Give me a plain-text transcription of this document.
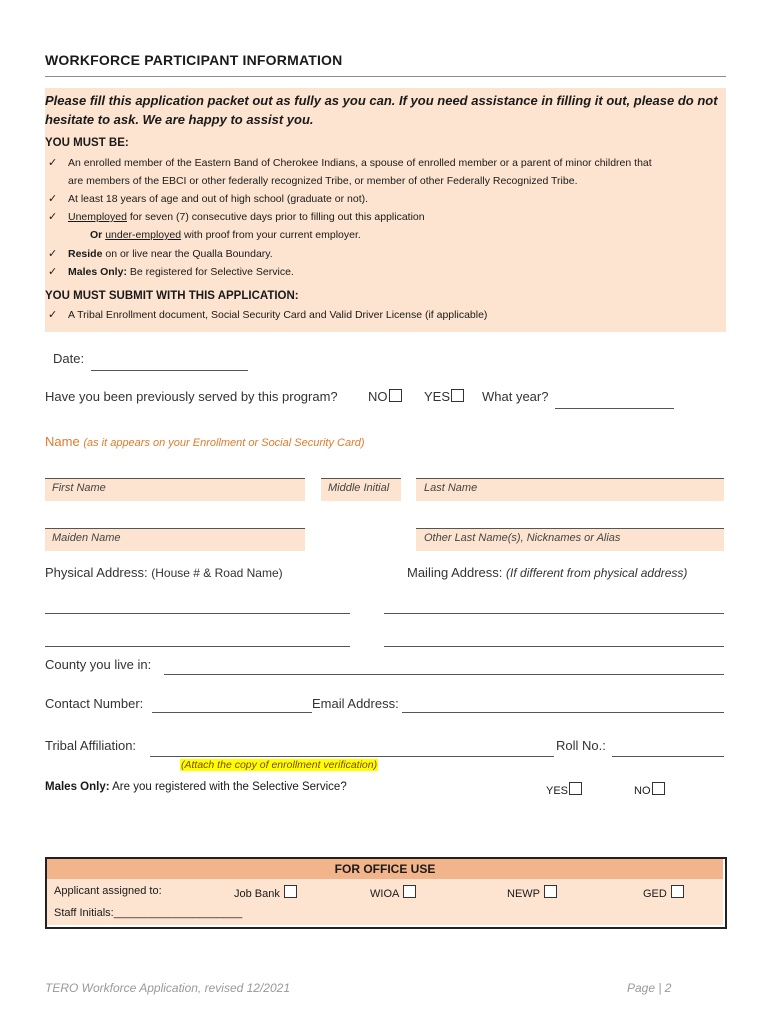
WORKFORCE PARTICIPANT INFORMATION
Please fill this application packet out as fully as you can. If you need assistance in filling it out, please do not hesitate to ask. We are happy to assist you.
YOU MUST BE:
✓ An enrolled member of the Eastern Band of Cherokee Indians, a spouse of enrolled member or a parent of minor children that
are members of the EBCI or other federally recognized Tribe, or member of other Federally Recognized Tribe.
✓ At least 18 years of age and out of high school (graduate or not).
✓ Unemployed for seven (7) consecutive days prior to filling out this application
Or under-employed with proof from your current employer.
✓ Reside on or live near the Qualla Boundary.
✓ Males Only: Be registered for Selective Service.
YOU MUST SUBMIT WITH THIS APPLICATION:
✓ A Tribal Enrollment document, Social Security Card and Valid Driver License (if applicable)
Date:
Have you been previously served by this program? NO	YES	What year?
Name (as it appears on your Enrollment or Social Security Card)
First Name	Middle Initial	Last Name
Maiden Name	Other Last Name(s), Nicknames or Alias
Physical Address: (House # & Road Name)	Mailing Address: (If different from physical address)
County you live in:
Contact Number:	Email Address:
Tribal Affiliation:	Roll No.:
(Attach the copy of enrollment verification)
Males Only: Are you registered with the Selective Service?	YES	NO
FOR OFFICE USE
Applicant assigned to:	Job Bank	WIOA	NEWP	GED
Staff Initials:_____________________
TERO Workforce Application, revised 12/2021	Page | 2
